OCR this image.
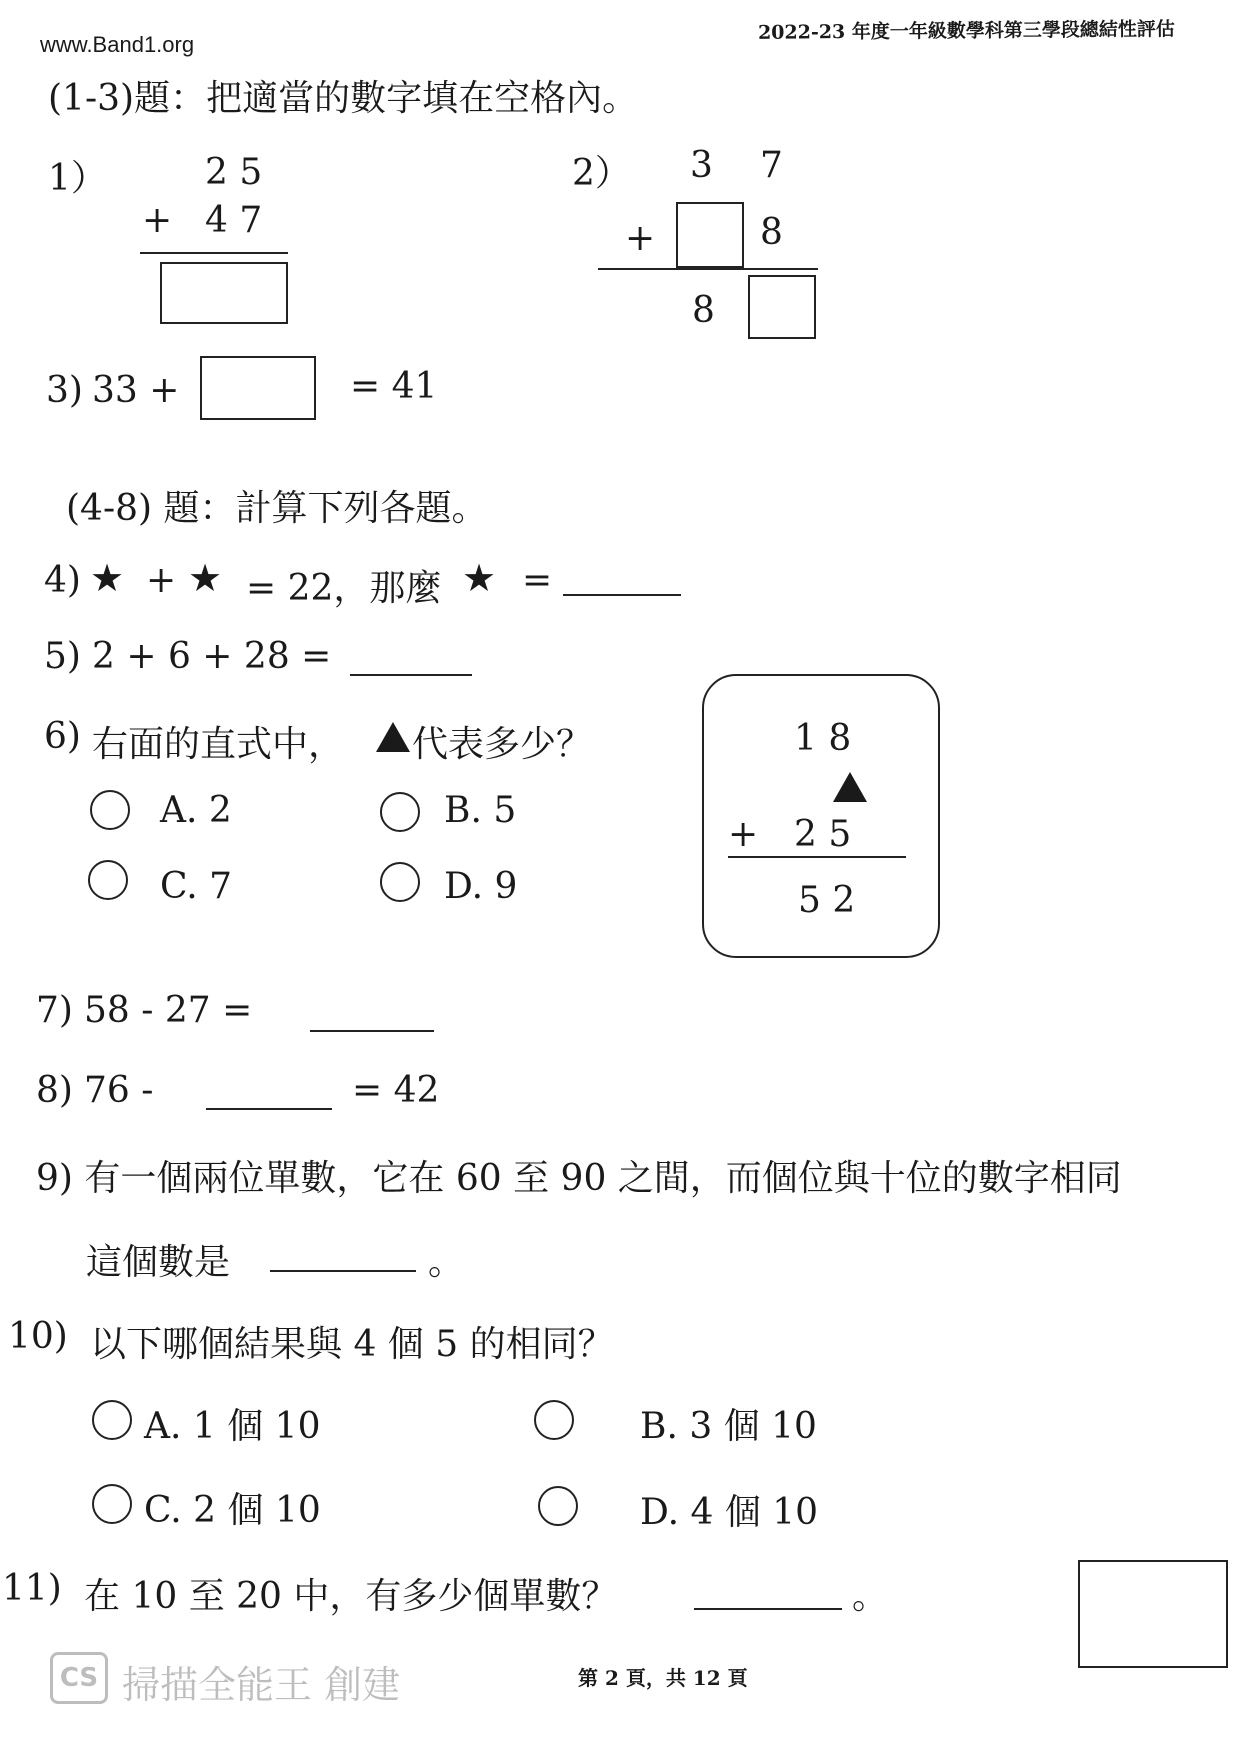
www.Band1.org
2022-23 年度一年級數學科第三學段總結性評估
(1-3)題：把適當的數字填在空格內。
1）	2 5
+ 4 7
2） 3 7
+	8
8
3) 33 +	= 41
(4-8) 題：計算下列各題。
4) ★ + ★ = 22，那麼 ★ =
5) 2 + 6 + 28 =
6) 右面的直式中， 代表多少？
A. 2	B. 5
C. 7	D. 9
1 8
+ 2 5
5 2
7) 58 - 27 =
8) 76 -	= 42
9) 有一個兩位單數，它在 60 至 90 之間，而個位與十位的數字相同
這個數是	。
10) 以下哪個結果與 4 個 5 的相同？
A. 1 個 10	B. 3 個 10
C. 2 個 10	D. 4 個 10
11) 在 10 至 20 中，有多少個單數？	。
CS 掃描全能王 創建	第 2 頁，共 12 頁
